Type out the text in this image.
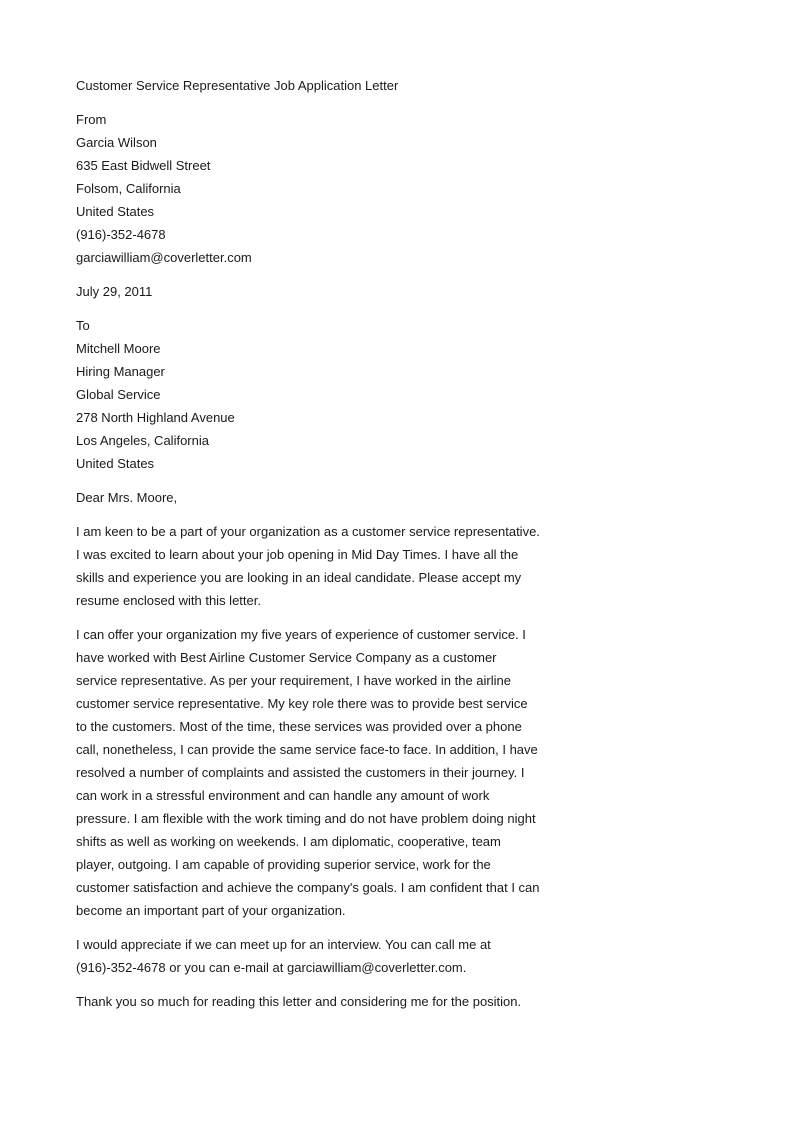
Customer Service Representative Job Application Letter
From
Garcia Wilson
635 East Bidwell Street
Folsom, California
United States
(916)-352-4678
garciawilliam@coverletter.com
July 29, 2011
To
Mitchell Moore
Hiring Manager
Global Service
278 North Highland Avenue
Los Angeles, California
United States
Dear Mrs. Moore,
I am keen to be a part of your organization as a customer service representative.
I was excited to learn about your job opening in Mid Day Times. I have all the
skills and experience you are looking in an ideal candidate. Please accept my
resume enclosed with this letter.
I can offer your organization my five years of experience of customer service. I
have worked with Best Airline Customer Service Company as a customer
service representative. As per your requirement, I have worked in the airline
customer service representative. My key role there was to provide best service
to the customers. Most of the time, these services was provided over a phone
call, nonetheless, I can provide the same service face-to face. In addition, I have
resolved a number of complaints and assisted the customers in their journey. I
can work in a stressful environment and can handle any amount of work
pressure. I am flexible with the work timing and do not have problem doing night
shifts as well as working on weekends. I am diplomatic, cooperative, team
player, outgoing. I am capable of providing superior service, work for the
customer satisfaction and achieve the company's goals. I am confident that I can
become an important part of your organization.
I would appreciate if we can meet up for an interview. You can call me at
(916)-352-4678 or you can e-mail at garciawilliam@coverletter.com.
Thank you so much for reading this letter and considering me for the position.
